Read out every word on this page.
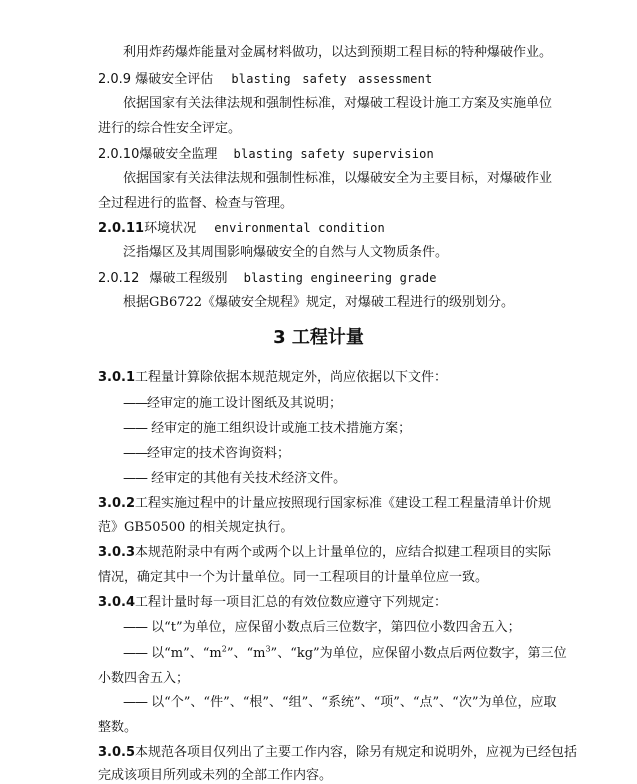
利用炸药爆炸能量对金属材料做功，以达到预期工程目标的特种爆破作业。
2.0.9 爆破安全评估 blasting safety assessment
依据国家有关法律法规和强制性标准，对爆破工程设计施工方案及实施单位
进行的综合性安全评定。
2.0.10爆破安全监理 blasting safety supervision
依据国家有关法律法规和强制性标准，以爆破安全为主要目标，对爆破作业
全过程进行的监督、检查与管理。
2.0.11环境状况 environmental condition
泛指爆区及其周围影响爆破安全的自然与人文物质条件。
2.0.12 爆破工程级别 blasting engineering grade
根据GB6722《爆破安全规程》规定，对爆破工程进行的级别划分。
3 工程计量
3.0.1工程量计算除依据本规范规定外，尚应依据以下文件：
——经审定的施工设计图纸及其说明；
—— 经审定的施工组织设计或施工技术措施方案；
——经审定的技术咨询资料；
—— 经审定的其他有关技术经济文件。
3.0.2工程实施过程中的计量应按照现行国家标准《建设工程工程量清单计价规
范》GB50500 的相关规定执行。
3.0.3本规范附录中有两个或两个以上计量单位的，应结合拟建工程项目的实际
情况，确定其中一个为计量单位。同一工程项目的计量单位应一致。
3.0.4工程计量时每一项目汇总的有效位数应遵守下列规定：
—— 以“t”为单位，应保留小数点后三位数字，第四位小数四舍五入；
—— 以“m”、“$m^2$”、“$m^3$”、“kg”为单位，应保留小数点后两位数字，第三位
小数四舍五入；
—— 以“个”、“件”、“根”、“组”、“系统”、“项”、“点”、“次”为单位，应取
整数。
3.0.5本规范各项目仅列出了主要工作内容，除另有规定和说明外，应视为已经包括
完成该项目所列或未列的全部工作内容。
